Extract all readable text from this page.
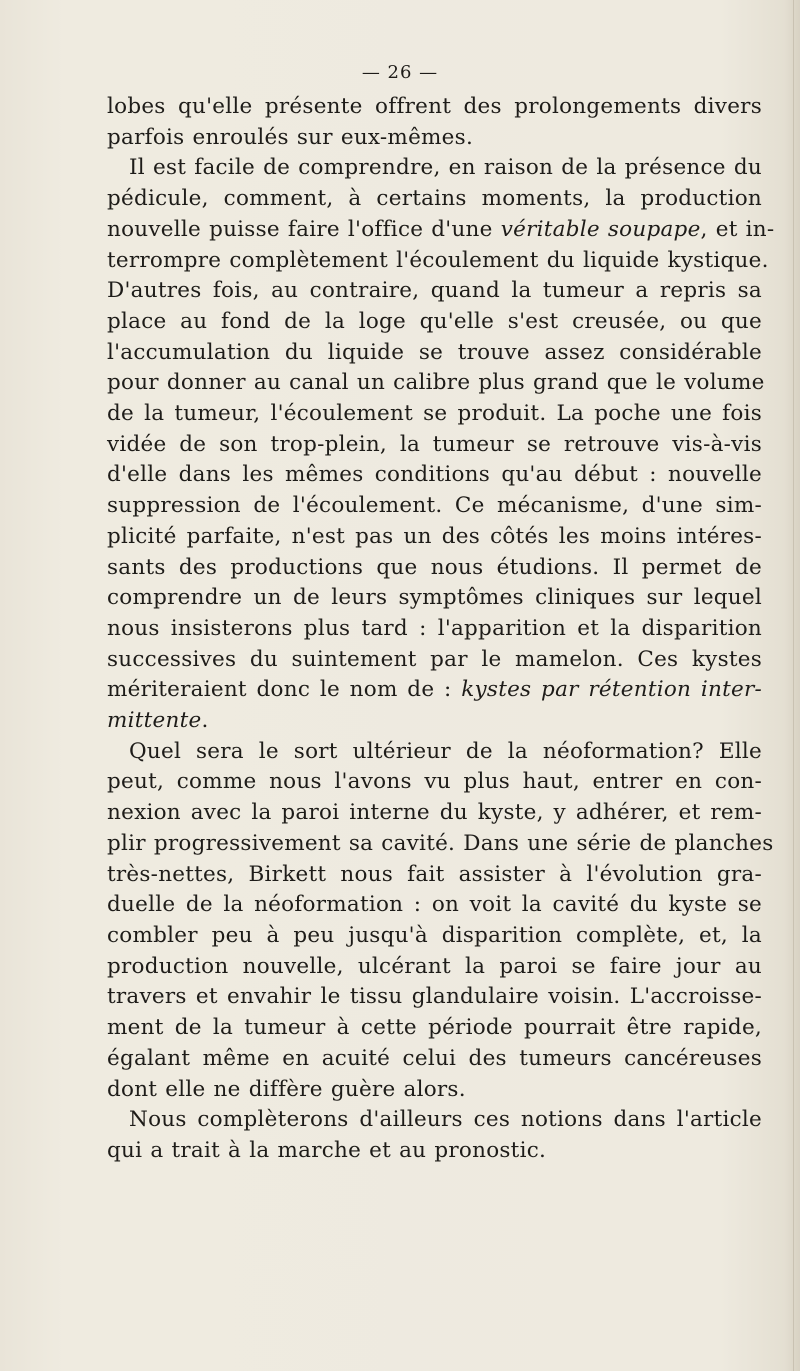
— 26 —
lobes qu'elle présente offrent des prolongements divers
parfois enroulés sur eux-mêmes.
Il est facile de comprendre, en raison de la présence du
pédicule, comment, à certains moments, la production
nouvelle puisse faire l'office d'une véritable soupape, et in-
terrompre complètement l'écoulement du liquide kystique.
D'autres fois, au contraire, quand la tumeur a repris sa
place au fond de la loge qu'elle s'est creusée, ou que
l'accumulation du liquide se trouve assez considérable
pour donner au canal un calibre plus grand que le volume
de la tumeur, l'écoulement se produit. La poche une fois
vidée de son trop-plein, la tumeur se retrouve vis-à-vis
d'elle dans les mêmes conditions qu'au début : nouvelle
suppression de l'écoulement. Ce mécanisme, d'une sim-
plicité parfaite, n'est pas un des côtés les moins intéres-
sants des productions que nous étudions. Il permet de
comprendre un de leurs symptômes cliniques sur lequel
nous insisterons plus tard : l'apparition et la disparition
successives du suintement par le mamelon. Ces kystes
mériteraient donc le nom de : kystes par rétention inter-
mittente.
Quel sera le sort ultérieur de la néoformation? Elle
peut, comme nous l'avons vu plus haut, entrer en con-
nexion avec la paroi interne du kyste, y adhérer, et rem-
plir progressivement sa cavité. Dans une série de planches
très-nettes, Birkett nous fait assister à l'évolution gra-
duelle de la néoformation : on voit la cavité du kyste se
combler peu à peu jusqu'à disparition complète, et, la
production nouvelle, ulcérant la paroi se faire jour au
travers et envahir le tissu glandulaire voisin. L'accroisse-
ment de la tumeur à cette période pourrait être rapide,
égalant même en acuité celui des tumeurs cancéreuses
dont elle ne diffère guère alors.
Nous complèterons d'ailleurs ces notions dans l'article
qui a trait à la marche et au pronostic.
